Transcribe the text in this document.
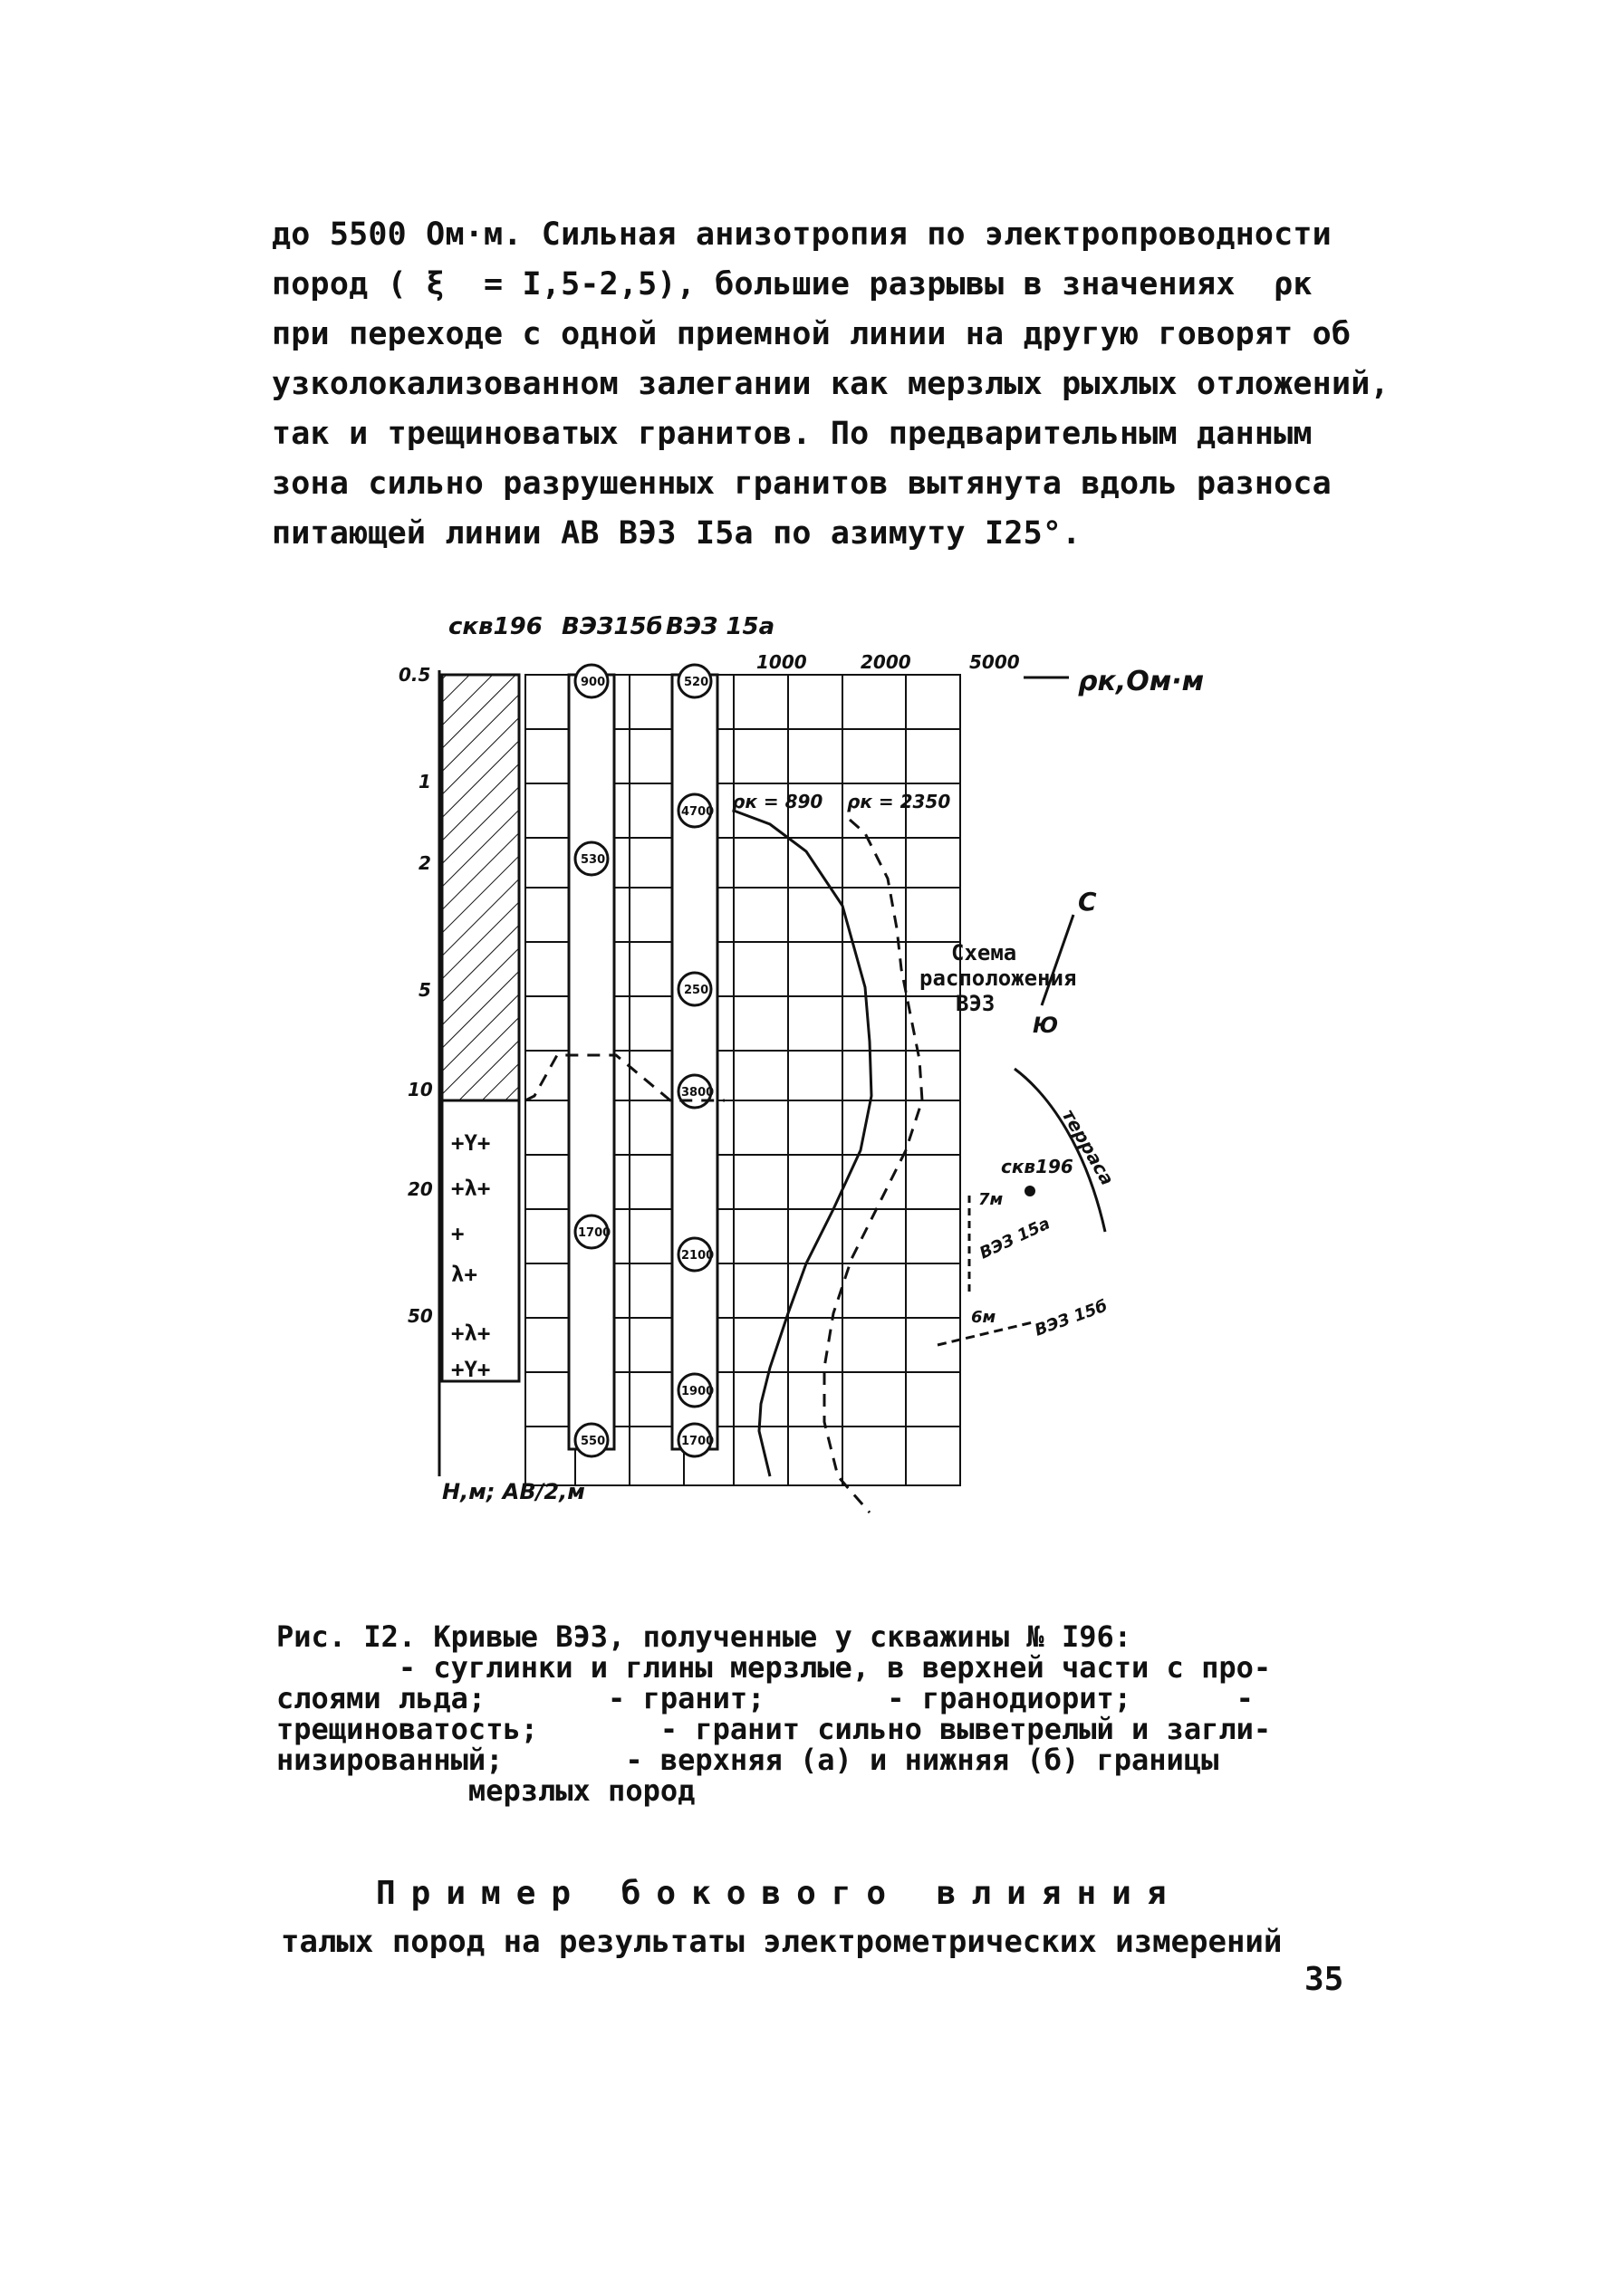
до 5500 Ом·м. Сильная анизотропия по электропроводности
пород ( ξ  = I,5-2,5), большие разрывы в значениях  ρк
при переходе с одной приемной линии на другую говорят об
узколокализованном залегании как мерзлых рыхлых отложений,
так и трещиноватых гранитов. По предварительным данным
зона сильно разрушенных гранитов вытянута вдоль разноса
питающей линии АВ ВЭЗ I5а по азимуту I25°.
скв196 ВЭЗ15б ВЭЗ 15а
1000	2000	5000
ρк,Ом·м
+Y+
+λ+
+
λ+
+λ+
+Y+
0.5
1
2
5
10
20
50
Н,м; АВ/2,м
900
530
250
3800
1700
550
520
4700
2100
1900
1700
ρк = 890 ρк = 2350
Схема
расположения
ВЭЗ
С
Ю
терраса
скв196
7м
ВЭЗ 15а
6м ВЭЗ 15б
Рис. I2. Кривые ВЭЗ, полученные у скважины № I96:
- суглинки и глины мерзлые, в верхней части с про-
слоями льда;       - гранит;       - гранодиорит;      -
трещиноватость;       - гранит сильно выветрелый и загли-
низированный;       - верхняя (а) и нижняя (б) границы
мерзлых пород
Пример бокового влияния
талых пород на результаты электрометрических измерений
35
